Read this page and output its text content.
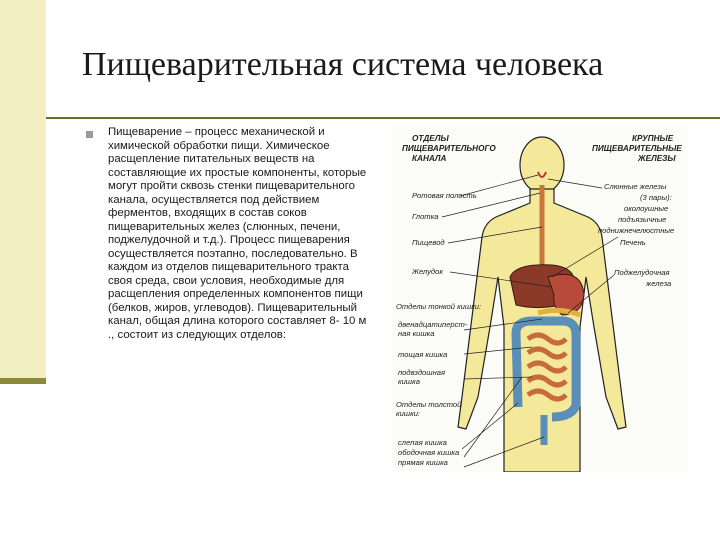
Пищеварительная система человека
Пищеварение – процесс механической и химической обработки пищи. Химическое расщепление питательных веществ на составляющие их простые компоненты, которые могут пройти сквозь стенки пищеварительного канала, осуществляется под действием ферментов, входящих в состав соков пищеварительных желез (слюнных, печени, поджелудочной и т.д.). Процесс пищеварения осуществляется поэтапно, последовательно. В каждом из отделов пищеварительного тракта своя среда, свои условия, необходимые для расщепления определенных компонентов пищи (белков, жиров, углеводов). Пищеварительный канал, общая длина которого составляет 8- 10 м ., состоит из следующих отделов:
ОТДЕЛЫ
ПИЩЕВАРИТЕЛЬНОГО
КАНАЛА
КРУПНЫЕ
ПИЩЕВАРИТЕЛЬНЫЕ
ЖЕЛЕЗЫ
Ротовая полость
Глотка
Пищевод
Желудок
Отделы тонкой кишки:
двенадцатиперст-
ная кишка
тощая кишка
подвздошная
кишка
Отделы толстой
кишки:
слепая кишка
ободочная кишка
прямая кишка
Слюнные железы
(3 пары):
околоушные
подъязычные
поднижнечелюстные
Печень
Поджелудочная
железа
